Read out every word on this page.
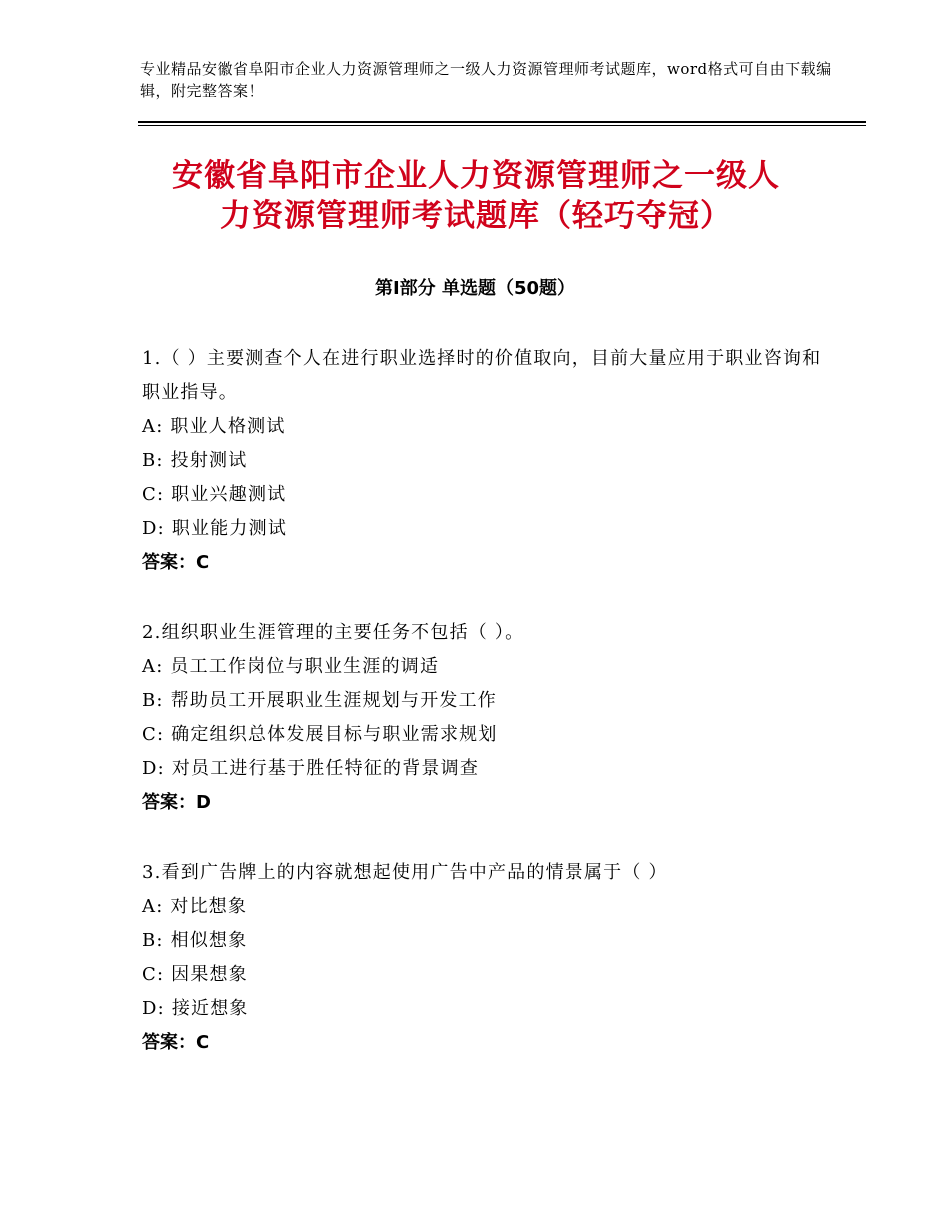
专业精品安徽省阜阳市企业人力资源管理师之一级人力资源管理师考试题库，word格式可自由下载编辑，附完整答案！
安徽省阜阳市企业人力资源管理师之一级人
力资源管理师考试题库（轻巧夺冠）
第Ⅰ部分 单选题（50题）
1.（ ）主要测查个人在进行职业选择时的价值取向，目前大量应用于职业咨询和职业指导。
A: 职业人格测试
B: 投射测试
C: 职业兴趣测试
D: 职业能力测试
答案：C
2.组织职业生涯管理的主要任务不包括（ ）。
A: 员工工作岗位与职业生涯的调适
B: 帮助员工开展职业生涯规划与开发工作
C: 确定组织总体发展目标与职业需求规划
D: 对员工进行基于胜任特征的背景调查
答案：D
3.看到广告牌上的内容就想起使用广告中产品的情景属于（ ）
A: 对比想象
B: 相似想象
C: 因果想象
D: 接近想象
答案：C
